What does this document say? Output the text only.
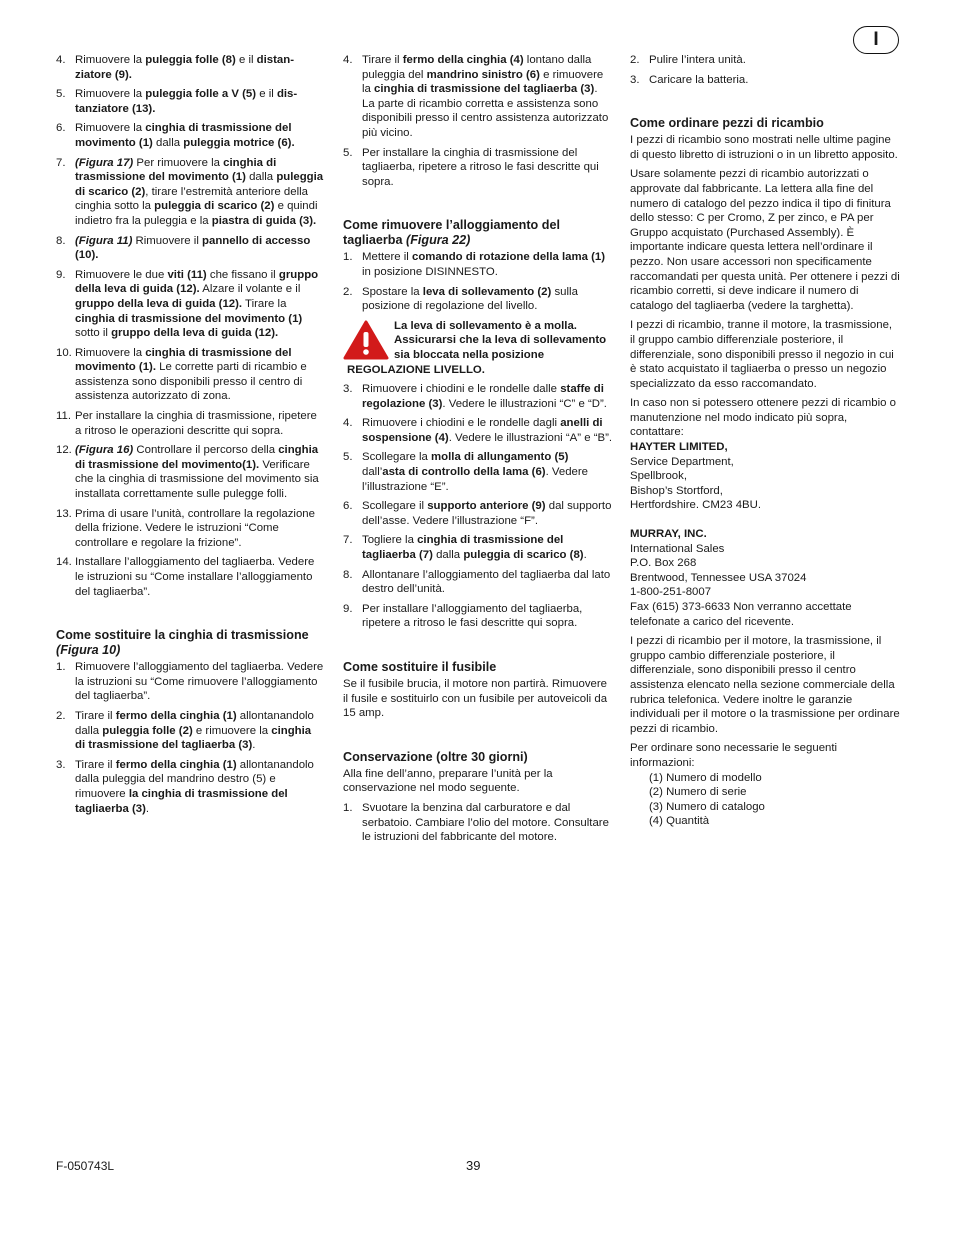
I
4. Rimuovere la puleggia folle (8) e il distanziatore (9).
5. Rimuovere la puleggia folle a V (5) e il distanziatore (13).
6. Rimuovere la cinghia di trasmissione del movimento (1) dalla puleggia motrice (6).
7. (Figura 17) Per rimuovere la cinghia di trasmissione del movimento (1) dalla puleggia di scarico (2), tirare l’estremità anteriore della cinghia sotto la puleggia di scarico (2) e quindi indietro fra la puleggia e la piastra di guida (3).
8. (Figura 11) Rimuovere il pannello di accesso (10).
9. Rimuovere le due viti (11) che fissano il gruppo della leva di guida (12). Alzare il volante e il gruppo della leva di guida (12). Tirare la cinghia di trasmissione del movimento (1) sotto il gruppo della leva di guida (12).
10. Rimuovere la cinghia di trasmissione del movimento (1). Le corrette parti di ricambio e assistenza sono disponibili presso il centro di assistenza autorizzato di zona.
11. Per installare la cinghia di trasmissione, ripetere a ritroso le operazioni descritte qui sopra.
12. (Figura 16) Controllare il percorso della cinghia di trasmissione del movimento(1). Verificare che la cinghia di trasmissione del movimento sia installata correttamente sulle pulegge folli.
13. Prima di usare l’unità, controllare la regolazione della frizione. Vedere le istruzioni “Come controllare e regolare la frizione”.
14. Installare l’alloggiamento del tagliaerba. Vedere le istruzioni su “Come installare l’alloggiamento del tagliaerba”.
Come sostituire la cinghia di trasmissione (Figura 10)
1. Rimuovere l’alloggiamento del tagliaerba. Vedere la istruzioni su “Come rimuovere l’alloggiamento del tagliaerba”.
2. Tirare il fermo della cinghia (1) allontanandolo dalla puleggia folle (2) e rimuovere la cinghia di trasmissione del tagliaerba (3).
3. Tirare il fermo della cinghia (1) allontanandolo dalla puleggia del mandrino destro (5) e rimuovere la cinghia di trasmissione del tagliaerba (3).
4. Tirare il fermo della cinghia (4) lontano dalla puleggia del mandrino sinistro (6) e rimuovere la cinghia di trasmissione del tagliaerba (3). La parte di ricambio corretta e assistenza sono disponibili presso il centro assistenza autorizzato più vicino.
5. Per installare la cinghia di trasmissione del tagliaerba, ripetere a ritroso le fasi descritte qui sopra.
Come rimuovere l’alloggiamento del tagliaerba (Figura 22)
1. Mettere il comando di rotazione della lama (1) in posizione DISINNESTO.
2. Spostare la leva di sollevamento (2) sulla posizione di regolazione del livello.
La leva di sollevamento è a molla. Assicurarsi che la leva di sollevamento sia bloccata nella posizione
REGOLAZIONE LIVELLO.
3. Rimuovere i chiodini e le rondelle dalle staffe di regolazione (3). Vedere le illustrazioni “C” e “D”.
4. Rimuovere i chiodini e le rondelle dagli anelli di sospensione (4). Vedere le illustrazioni “A” e “B”.
5. Scollegare la molla di allungamento (5) dall’asta di controllo della lama (6). Vedere l’illustrazione “E”.
6. Scollegare il supporto anteriore (9) dal supporto dell’asse. Vedere l’illustrazione “F”.
7. Togliere la cinghia di trasmissione del tagliaerba (7) dalla puleggia di scarico (8).
8. Allontanare l’alloggiamento del tagliaerba dal lato destro dell’unità.
9. Per installare l’alloggiamento del tagliaerba, ripetere a ritroso le fasi descritte qui sopra.
Come sostituire il fusibile

Se il fusibile brucia, il motore non partirà. Rimuovere il fusile e sostituirlo con un fusibile per autoveicoli da 15 amp.

Conservazione (oltre 30 giorni)

Alla fine dell’anno, preparare l’unità per la conservazione nel modo seguente.

1. Svuotare la benzina dal carburatore e dal serbatoio. Cambiare l’olio del motore. Consultare le istruzioni del fabbricante del motore.
2. Pulire l’intera unità.
3. Caricare la batteria.
Come ordinare pezzi di ricambio

I pezzi di ricambio sono mostrati nelle ultime pagine di questo libretto di istruzioni o in un libretto apposito.

Usare solamente pezzi di ricambio autorizzati o approvate dal fabbricante. La lettera alla fine del numero di catalogo del pezzo indica il tipo di finitura dello stesso: C per Cromo, Z per zinco, e PA per Gruppo acquistato (Purchased Assembly). È importante indicare questa lettera nell’ordinare il pezzo. Non usare accessori non specificamente raccomandati per questa unità. Per ottenere i pezzi di ricambio corretti, si deve indicare il numero di catalogo del tagliaerba (vedere la targhetta).

I pezzi di ricambio, tranne il motore, la trasmissione, il gruppo cambio differenziale posteriore, il differenziale, sono disponibili presso il negozio in cui è stato acquistato il tagliaerba o presso un negozio specializzato da esso raccomandato.

In caso non si potessero ottenere pezzi di ricambio o manutenzione nel modo indicato più sopra, contattare:

HAYTER LIMITED,

Service Department,
Spellbrook,
Bishop’s Stortford,
Hertfordshire. CM23 4BU.

MURRAY, INC.

International Sales
P.O. Box 268
Brentwood, Tennessee USA 37024
1-800-251-8007
Fax (615) 373-6633 Non verranno accettate telefonate a carico del ricevente.

I pezzi di ricambio per il motore, la trasmissione, il gruppo cambio differenziale posteriore, il differenziale, sono disponibili presso il centro assistenza elencato nella sezione commerciale della rubrica telefonica. Vedere inoltre le garanzie individuali per il motore o la trasmissione per ordinare pezzi di ricambio.

Per ordinare sono necessarie le seguenti informazioni:

(1) Numero di modello
(2) Numero di serie
(3) Numero di catalogo
(4) Quantità
F-050743L	39
